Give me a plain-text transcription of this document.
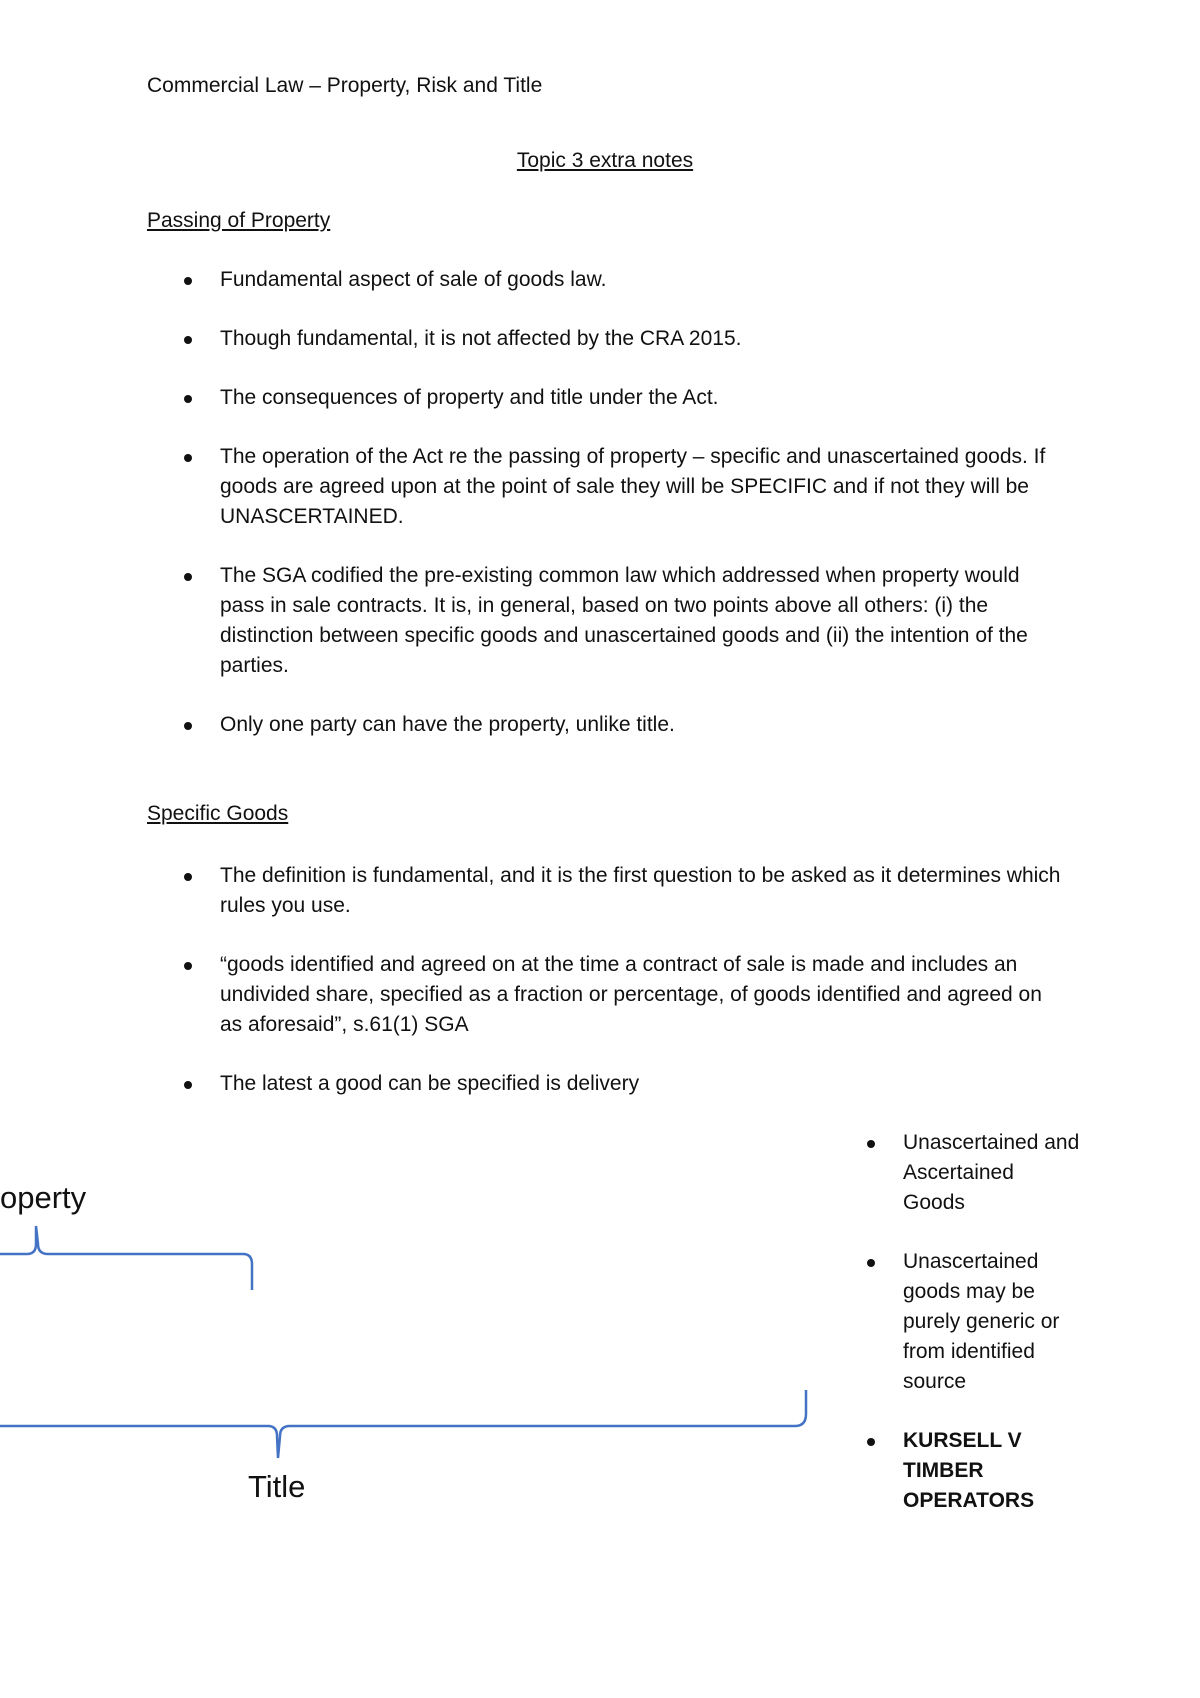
Commercial Law – Property, Risk and Title

Topic 3 extra notes

Passing of Property
Fundamental aspect of sale of goods law.
Though fundamental, it is not affected by the CRA 2015.
The consequences of property and title under the Act.
The operation of the Act re the passing of property – specific and unascertained goods. If goods are agreed upon at the point of sale they will be SPECIFIC and if not they will be UNASCERTAINED.
The SGA codified the pre-existing common law which addressed when property would pass in sale contracts. It is, in general, based on two points above all others: (i) the distinction between specific goods and unascertained goods and (ii) the intention of the parties.
Only one party can have the property, unlike title.
Specific Goods
The definition is fundamental, and it is the first question to be asked as it determines which rules you use.
“goods identified and agreed on at the time a contract of sale is made and includes an undivided share, specified as a fraction or percentage, of goods identified and agreed on as aforesaid”, s.61(1) SGA
The latest a good can be specified is delivery

operty

Title

Unascertained and Ascertained Goods
Unascertained goods may be purely generic or from identified source
KURSELL V TIMBER OPERATORS
